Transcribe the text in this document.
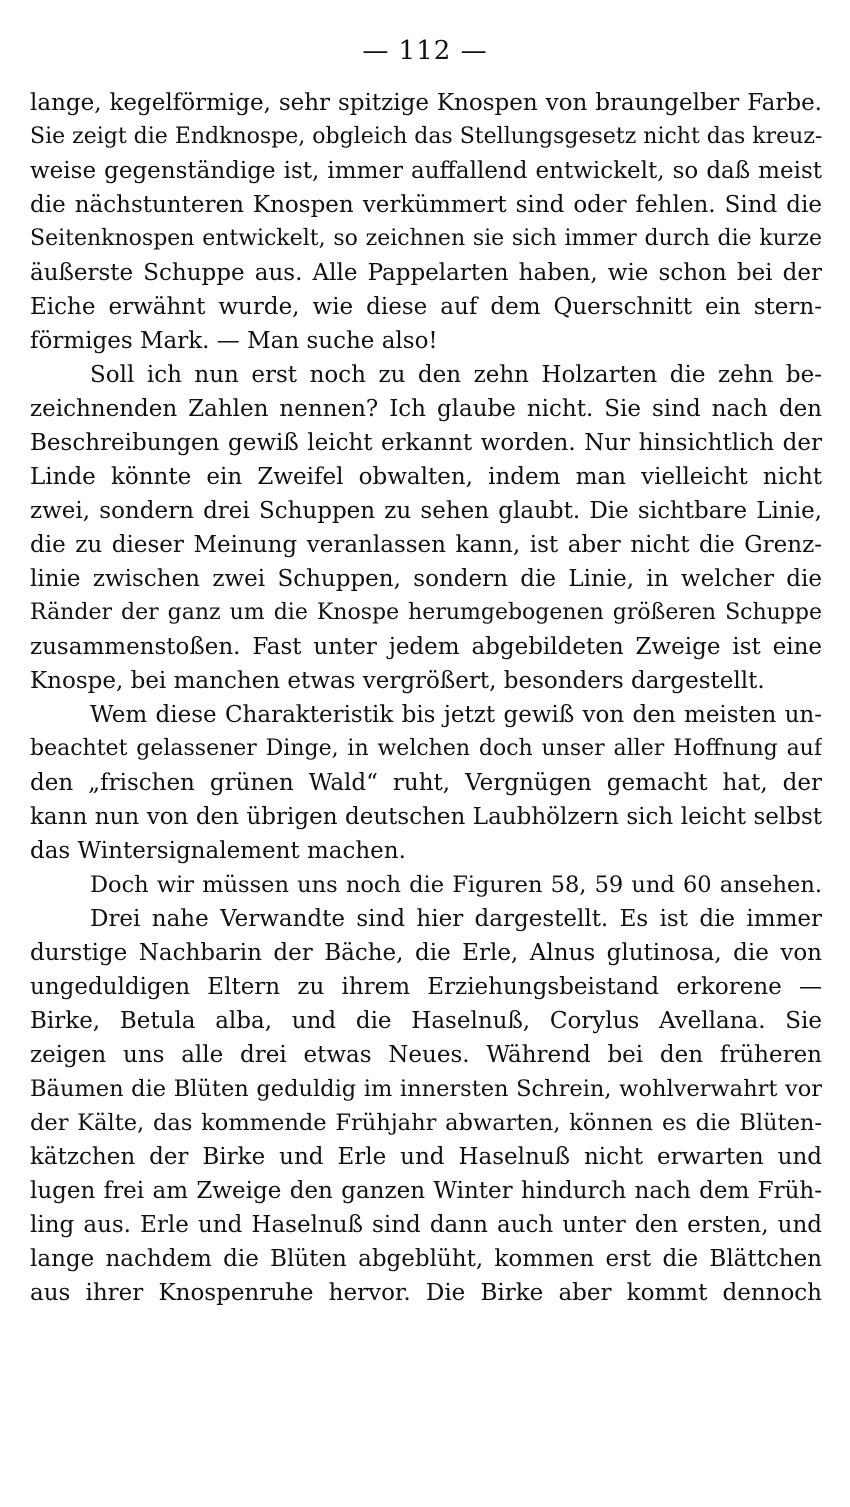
— 112 —
lange, kegelförmige, sehr spitzige Knospen von braungelber Farbe.
Sie zeigt die Endknospe, obgleich das Stellungsgesetz nicht das kreuz-
weise gegenständige ist, immer auffallend entwickelt, so daß meist
die nächstunteren Knospen verkümmert sind oder fehlen. Sind die
Seitenknospen entwickelt, so zeichnen sie sich immer durch die kurze
äußerste Schuppe aus. Alle Pappelarten haben, wie schon bei der
Eiche erwähnt wurde, wie diese auf dem Querschnitt ein stern-
förmiges Mark. — Man suche also!
Soll ich nun erst noch zu den zehn Holzarten die zehn be-
zeichnenden Zahlen nennen? Ich glaube nicht. Sie sind nach den
Beschreibungen gewiß leicht erkannt worden. Nur hinsichtlich der
Linde könnte ein Zweifel obwalten, indem man vielleicht nicht
zwei, sondern drei Schuppen zu sehen glaubt. Die sichtbare Linie,
die zu dieser Meinung veranlassen kann, ist aber nicht die Grenz-
linie zwischen zwei Schuppen, sondern die Linie, in welcher die
Ränder der ganz um die Knospe herumgebogenen größeren Schuppe
zusammenstoßen. Fast unter jedem abgebildeten Zweige ist eine
Knospe, bei manchen etwas vergrößert, besonders dargestellt.
Wem diese Charakteristik bis jetzt gewiß von den meisten un-
beachtet gelassener Dinge, in welchen doch unser aller Hoffnung auf
den „frischen grünen Wald“ ruht, Vergnügen gemacht hat, der
kann nun von den übrigen deutschen Laubhölzern sich leicht selbst
das Wintersignalement machen.
Doch wir müssen uns noch die Figuren 58, 59 und 60 ansehen.
Drei nahe Verwandte sind hier dargestellt. Es ist die immer
durstige Nachbarin der Bäche, die Erle, Alnus glutinosa, die von
ungeduldigen Eltern zu ihrem Erziehungsbeistand erkorene —
Birke, Betula alba, und die Haselnuß, Corylus Avellana. Sie
zeigen uns alle drei etwas Neues. Während bei den früheren
Bäumen die Blüten geduldig im innersten Schrein, wohlverwahrt vor
der Kälte, das kommende Frühjahr abwarten, können es die Blüten-
kätzchen der Birke und Erle und Haselnuß nicht erwarten und
lugen frei am Zweige den ganzen Winter hindurch nach dem Früh-
ling aus. Erle und Haselnuß sind dann auch unter den ersten, und
lange nachdem die Blüten abgeblüht, kommen erst die Blättchen
aus ihrer Knospenruhe hervor. Die Birke aber kommt dennoch
